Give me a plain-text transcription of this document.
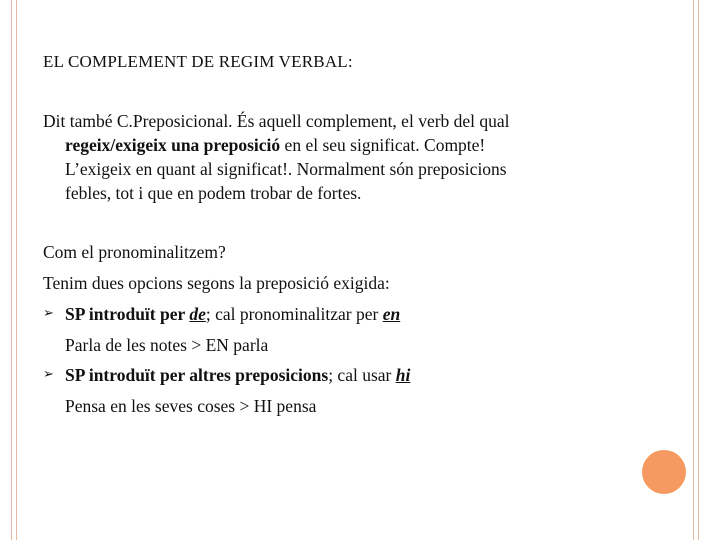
EL COMPLEMENT DE REGIM VERBAL:
Dit també C.Preposicional. És aquell complement, el verb del qual
regeix/exigeix una preposició en el seu significat. Compte!
L’exigeix en quant al significat!. Normalment són preposicions
febles, tot i que en podem trobar de fortes.
Com el pronominalitzem?
Tenim dues opcions segons la preposició exigida:
➢ SP introduït per de; cal pronominalitzar per en
Parla de les notes > EN parla
➢ SP introduït per altres preposicions; cal usar hi
Pensa en les seves coses > HI pensa
